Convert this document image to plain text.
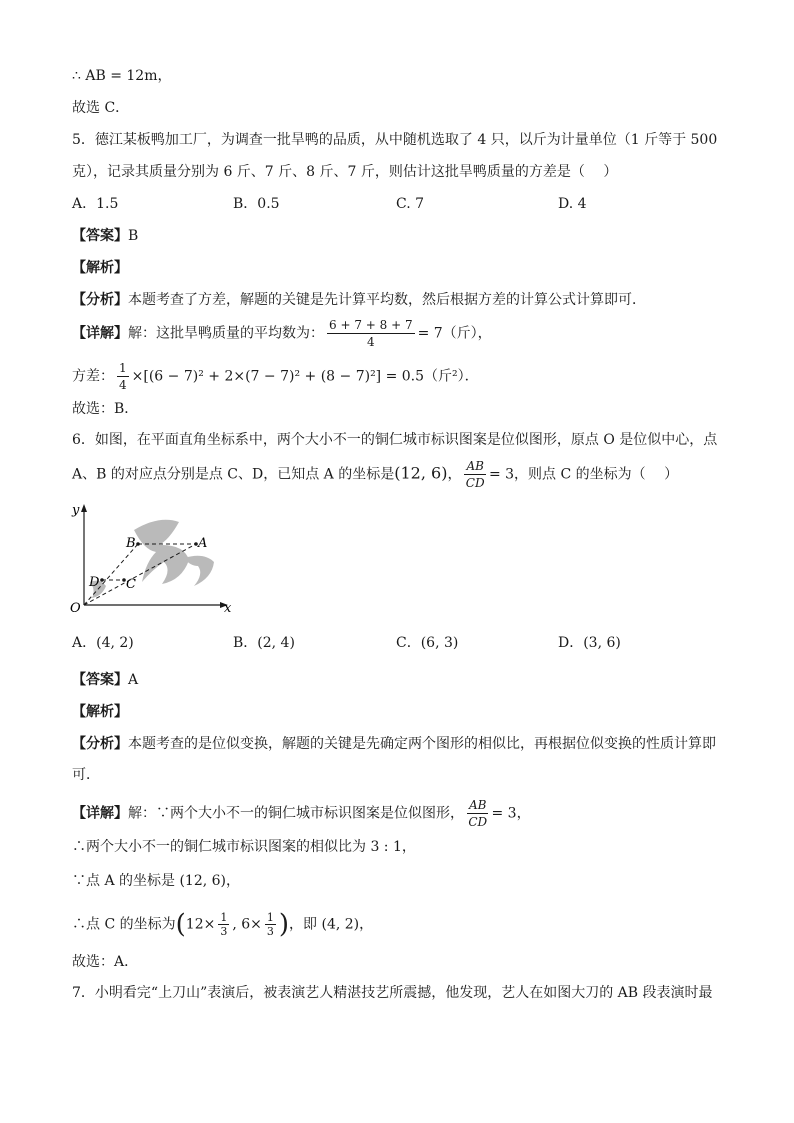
∴ AB = 12m，
故选 C．
5．德江某板鸭加工厂，为调查一批旱鸭的品质，从中随机选取了 4 只，以斤为计量单位（1 斤等于 500
克），记录其质量分别为 6 斤、7 斤、8 斤、7 斤，则估计这批旱鸭质量的方差是（　 ）
A．1.5	B．0.5	C. 7	D. 4
【答案】B
【解析】
【分析】本题考查了方差，解题的关键是先计算平均数，然后根据方差的计算公式计算即可．
【详解】解：这批旱鸭质量的平均数为： $\frac{6 + 7 + 8 + 7}{4} = 7$（斤），
方差： $\frac{1}{4} \times[(6 - 7)^2 + 2\times(7 - 7)^2 + (8 - 7)^2] = 0.5$（斤²）．
故选：B．
6．如图，在平面直角坐标系中，两个大小不一的铜仁城市标识图案是位似图形，原点 O 是位似中心，点
A、B 的对应点分别是点 C、D，已知点 A 的坐标是(12, 6)， $\frac{AB}{CD} = 3$，则点 C 的坐标为（　 ）
y
x
O
A
B
C
D
A．(4, 2)	B．(2, 4)	C．(6, 3)	D．(3, 6)
【答案】A
【解析】
【分析】本题考查的是位似变换，解题的关键是先确定两个图形的相似比，再根据位似变换的性质计算即
可．
【详解】解：∵两个大小不一的铜仁城市标识图案是位似图形， $\frac{AB}{CD} = 3$，
∴两个大小不一的铜仁城市标识图案的相似比为 3 : 1，
∵点 A 的坐标是 (12, 6)，
∴点 C 的坐标为($12\times \frac{1}{3}$ , $6\times \frac{1}{3}$ )，即 (4, 2)，
故选：A．
7．小明看完“上刀山”表演后，被表演艺人精湛技艺所震撼，他发现，艺人在如图大刀的 AB 段表演时最
